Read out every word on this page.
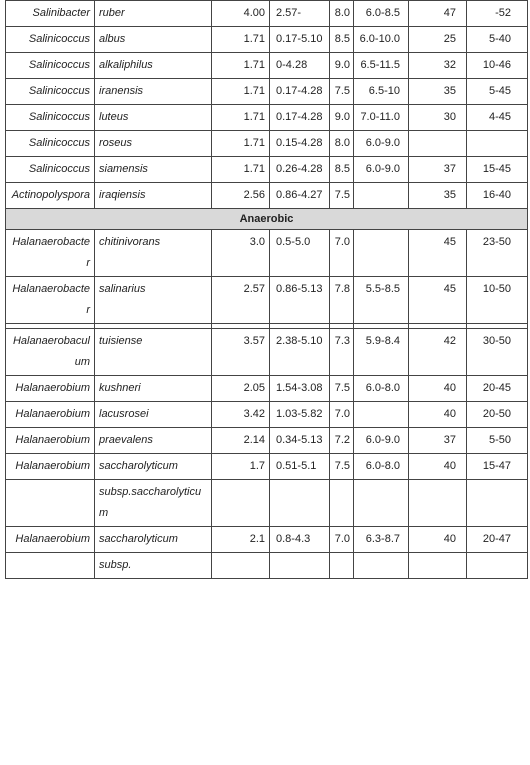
Salinibacter	ruber	4.00	2.57-	8.0	6.0-8.5	47	-52
Salinicoccus	albus	1.71	0.17-5.10	8.5	6.0-10.0	25	5-40
Salinicoccus	alkaliphilus	1.71	0-4.28	9.0	6.5-11.5	32	10-46
Salinicoccus	iranensis	1.71	0.17-4.28	7.5	6.5-10	35	5-45
Salinicoccus	luteus	1.71	0.17-4.28	9.0	7.0-11.0	30	4-45
Salinicoccus	roseus	1.71	0.15-4.28	8.0	6.0-9.0		
Salinicoccus	siamensis	1.71	0.26-4.28	8.5	6.0-9.0	37	15-45
Actinopolyspora	iraqiensis	2.56	0.86-4.27	7.5		35	16-40
Anaerobic							
Halanaerobacter	chitinivorans	3.0	0.5-5.0	7.0		45	23-50
Halanaerobacter	salinarius	2.57	0.86-5.13	7.8	5.5-8.5	45	10-50

Halanaerobaculum	tuisiense	3.57	2.38-5.10	7.3	5.9-8.4	42	30-50
Halanaerobium	kushneri	2.05	1.54-3.08	7.5	6.0-8.0	40	20-45
Halanaerobium	lacusrosei	3.42	1.03-5.82	7.0		40	20-50
Halanaerobium	praevalens	2.14	0.34-5.13	7.2	6.0-9.0	37	5-50
Halanaerobium	saccharolyticum	1.7	0.51-5.1	7.5	6.0-8.0	40	15-47
	subsp.saccharolyticum						
Halanaerobium	saccharolyticum	2.1	0.8-4.3	7.0	6.3-8.7	40	20-47
	subsp.						
